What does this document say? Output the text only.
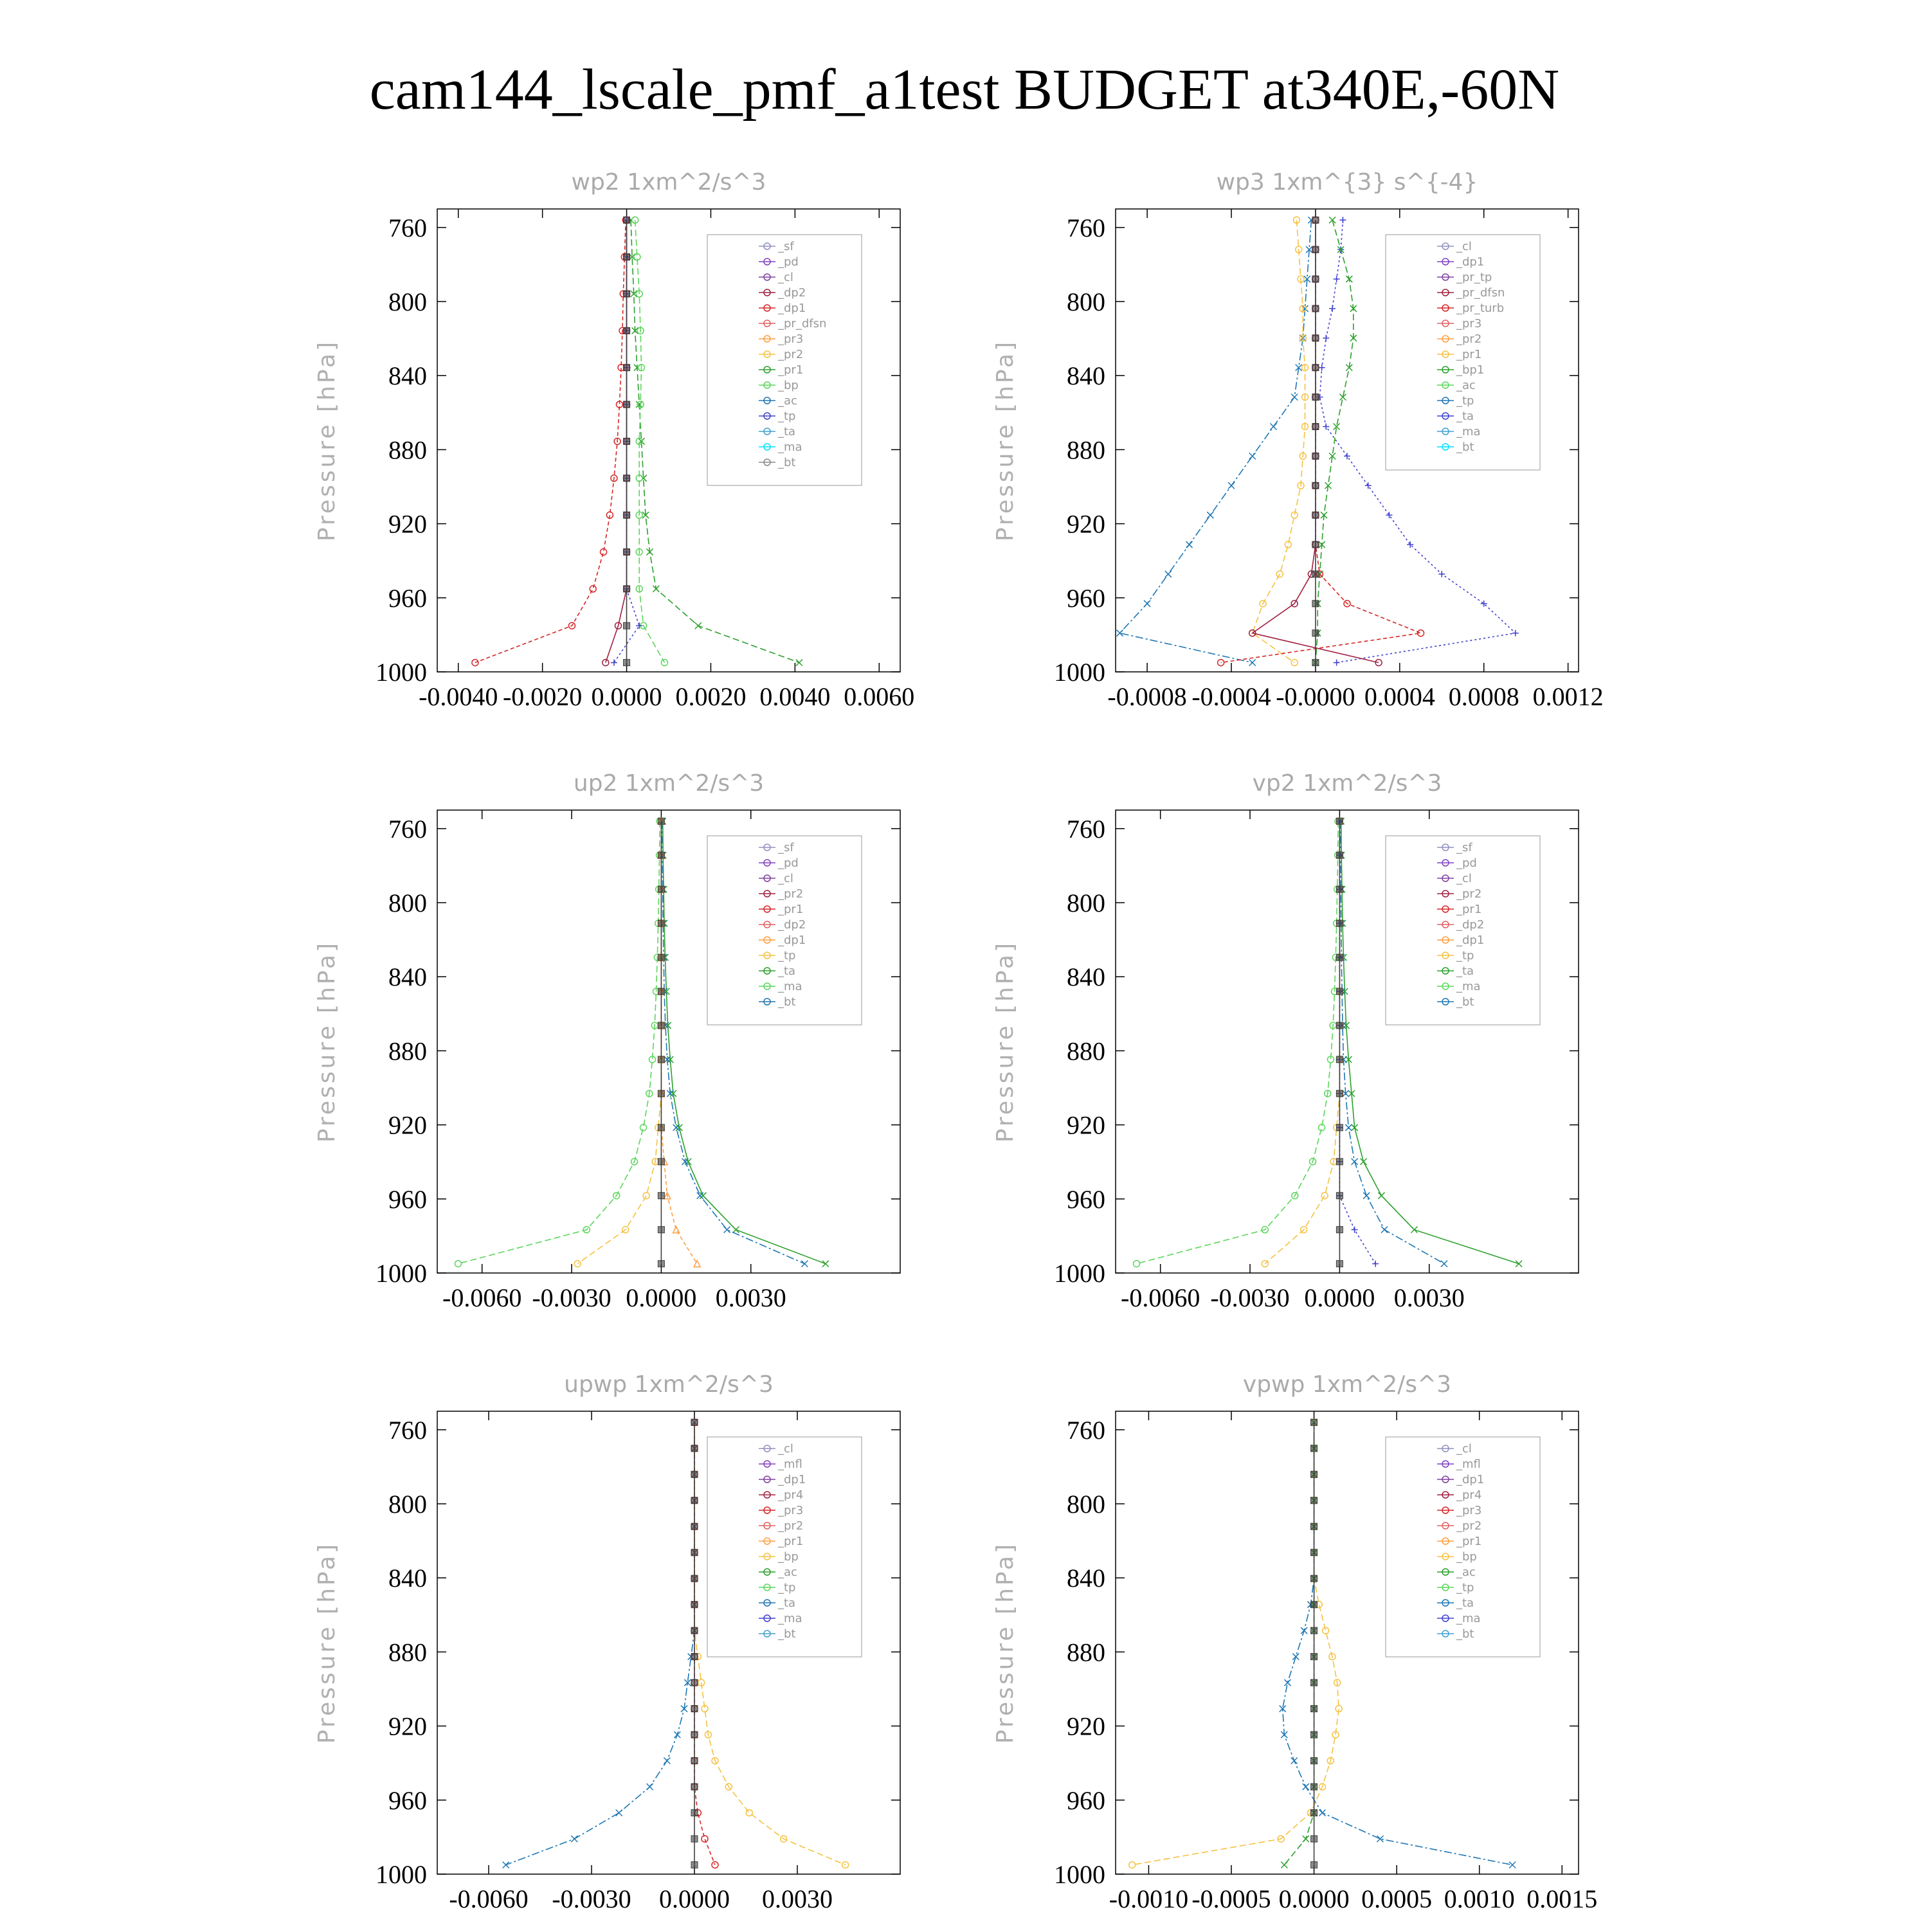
cam144_lscale_pmf_a1test BUDGET at340E,-60N
wp2 1xm^2/s^3
Pressure [hPa]
760
800
840
880
920
960
1000
-0.0040 -0.0020 0.0000 0.0020 0.0040 0.0060
_sf
_pd
_cl
_dp2
_dp1
_pr_dfsn
_pr3
_pr2
_pr1
_bp
_ac
_tp
_ta
_ma
_bt
wp3 1xm^{3} s^{-4}
Pressure [hPa]
760
800
840
880
920
960
1000
-0.0008 -0.0004 -0.0000 0.0004 0.0008 0.0012
_cl
_dp1
_pr_tp
_pr_dfsn
_pr_turb
_pr3
_pr2
_pr1
_bp1
_ac
_tp
_ta
_ma
_bt
up2 1xm^2/s^3
Pressure [hPa]
760
800
840
880
920
960
1000
-0.0060 -0.0030 0.0000 0.0030
_sf
_pd
_cl
_pr2
_pr1
_dp2
_dp1
_tp
_ta
_ma
_bt
vp2 1xm^2/s^3
Pressure [hPa]
760
800
840
880
920
960
1000
-0.0060 -0.0030 0.0000 0.0030
_sf
_pd
_cl
_pr2
_pr1
_dp2
_dp1
_tp
_ta
_ma
_bt
upwp 1xm^2/s^3
Pressure [hPa]
760
800
840
880
920
960
1000
-0.0060 -0.0030 0.0000 0.0030
_cl
_mfl
_dp1
_pr4
_pr3
_pr2
_pr1
_bp
_ac
_tp
_ta
_ma
_bt
vpwp 1xm^2/s^3
Pressure [hPa]
760
800
840
880
920
960
1000
-0.0010 -0.0005 0.0000 0.0005 0.0010 0.0015
_cl
_mfl
_dp1
_pr4
_pr3
_pr2
_pr1
_bp
_ac
_tp
_ta
_ma
_bt
